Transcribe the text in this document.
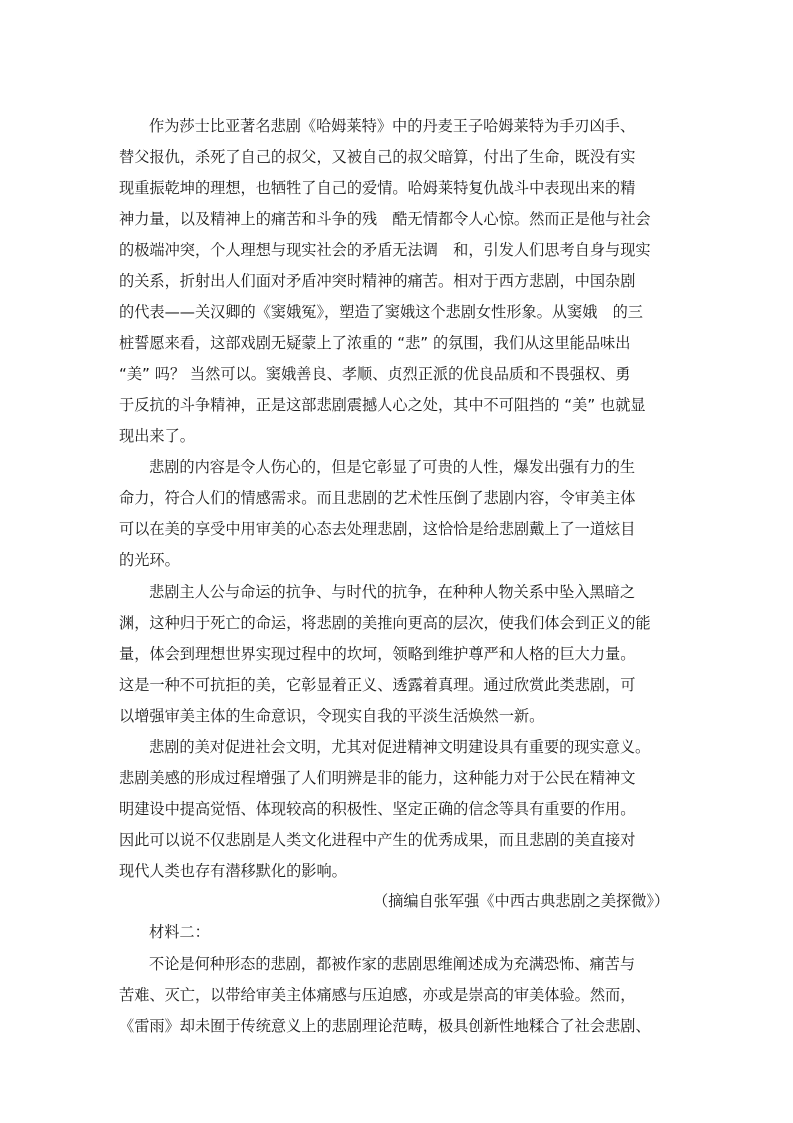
作为莎士比亚著名悲剧《哈姆莱特》中的丹麦王子哈姆莱特为手刃凶手、
替父报仇，杀死了自己的叔父，又被自己的叔父暗算，付出了生命，既没有实
现重振乾坤的理想，也牺牲了自己的爱情。哈姆莱特复仇战斗中表现出来的精
神力量，以及精神上的痛苦和斗争的残　酷无情都令人心惊。然而正是他与社会
的极端冲突，个人理想与现实社会的矛盾无法调　和，引发人们思考自身与现实
的关系，折射出人们面对矛盾冲突时精神的痛苦。相对于西方悲剧，中国杂剧
的代表——关汉卿的《窦娥冤》，塑造了窦娥这个悲剧女性形象。从窦娥　的三
桩誓愿来看，这部戏剧无疑蒙上了浓重的 “悲” 的氛围，我们从这里能品味出
“美” 吗？ 当然可以。窦娥善良、孝顺、贞烈正派的优良品质和不畏强权、勇
于反抗的斗争精神，正是这部悲剧震撼人心之处，其中不可阻挡的 “美” 也就显
现出来了。
悲剧的内容是令人伤心的，但是它彰显了可贵的人性，爆发出强有力的生
命力，符合人们的情感需求。而且悲剧的艺术性压倒了悲剧内容，令审美主体
可以在美的享受中用审美的心态去处理悲剧，这恰恰是给悲剧戴上了一道炫目
的光环。
悲剧主人公与命运的抗争、与时代的抗争，在种种人物关系中坠入黑暗之
渊，这种归于死亡的命运，将悲剧的美推向更高的层次，使我们体会到正义的能
量，体会到理想世界实现过程中的坎坷，领略到维护尊严和人格的巨大力量。
这是一种不可抗拒的美，它彰显着正义、透露着真理。通过欣赏此类悲剧，可
以增强审美主体的生命意识，令现实自我的平淡生活焕然一新。
悲剧的美对促进社会文明，尤其对促进精神文明建设具有重要的现实意义。
悲剧美感的形成过程增强了人们明辨是非的能力，这种能力对于公民在精神文
明建设中提高觉悟、体现较高的积极性、坚定正确的信念等具有重要的作用。
因此可以说不仅悲剧是人类文化进程中产生的优秀成果，而且悲剧的美直接对
现代人类也存有潜移默化的影响。
（摘编自张军强《中西古典悲剧之美探微》）
材料二：
不论是何种形态的悲剧，都被作家的悲剧思维阐述成为充满恐怖、痛苦与
苦难、灭亡，以带给审美主体痛感与压迫感，亦或是崇高的审美体验。然而，
《雷雨》却未囿于传统意义上的悲剧理论范畴，极具创新性地糅合了社会悲剧、
